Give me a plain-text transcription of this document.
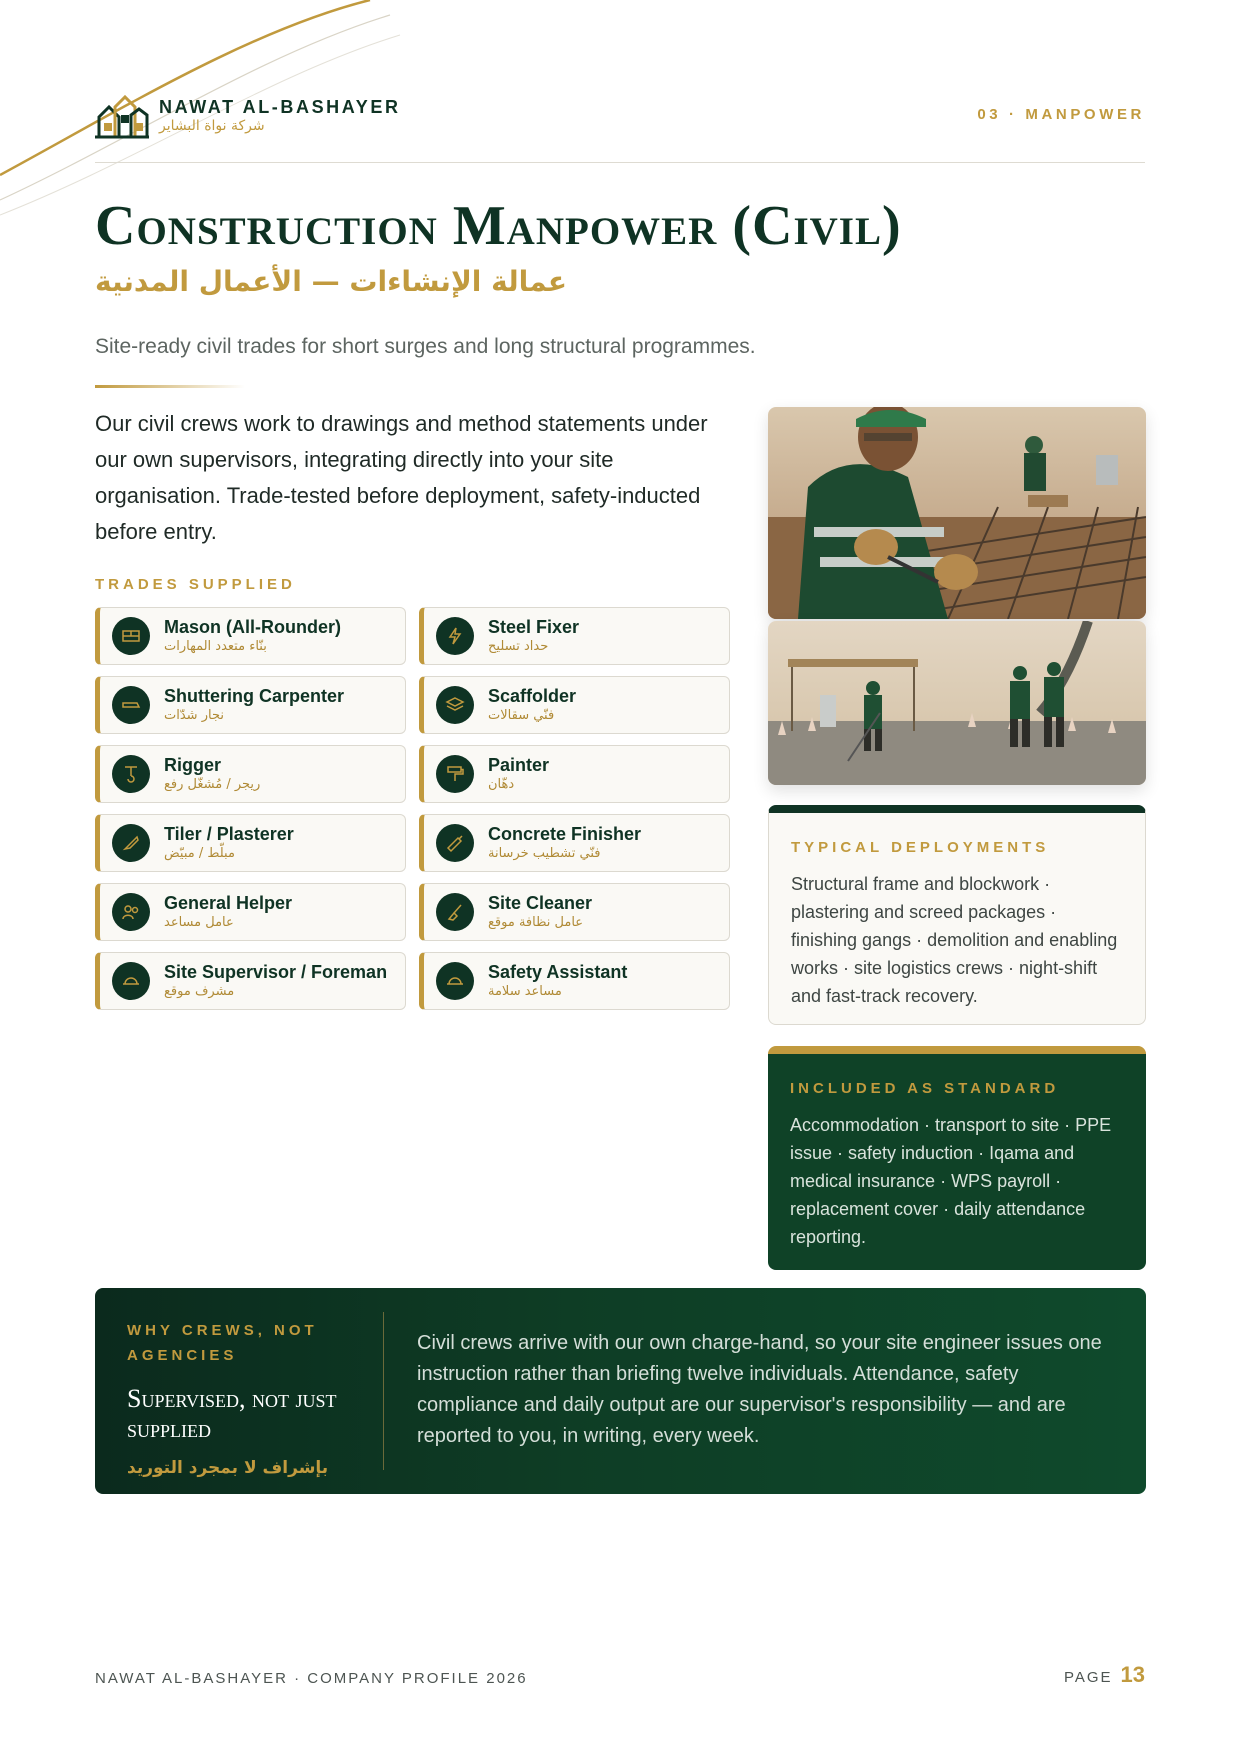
NAWAT AL-BASHAYER
شركة نواة البشاير
03 · MANPOWER
Construction Manpower (Civil)
عمالة الإنشاءات — الأعمال المدنية

Site-ready civil trades for short surges and long structural programmes.

Our civil crews work to drawings and method statements under our own supervisors, integrating directly into your site organisation. Trade-tested before deployment, safety-inducted before entry.

TRADES SUPPLIED
Mason (All-Rounder)
بنّاء متعدد المهارات
Steel Fixer
حداد تسليح
Shuttering Carpenter
نجار شدّات
Scaffolder
فنّي سقالات
Rigger
ريجر / مُشغّل رفع
Painter
دهّان
Tiler / Plasterer
مبلّط / مبيّض
Concrete Finisher
فنّي تشطيب خرسانة
General Helper
عامل مساعد
Site Cleaner
عامل نظافة موقع
Site Supervisor / Foreman
مشرف موقع
Safety Assistant
مساعد سلامة
TYPICAL DEPLOYMENTS

Structural frame and blockwork · plastering and screed packages · finishing gangs · demolition and enabling works · site logistics crews · night-shift and fast-track recovery.

INCLUDED AS STANDARD

Accommodation · transport to site · PPE issue · safety induction · Iqama and medical insurance · WPS payroll · replacement cover · daily attendance reporting.

WHY CREWS, NOT AGENCIES
Supervised, not just supplied
بإشراف لا بمجرد التوريد

Civil crews arrive with our own charge-hand, so your site engineer issues one instruction rather than briefing twelve individuals. Attendance, safety compliance and daily output are our supervisor's responsibility — and are reported to you, in writing, every week.

NAWAT AL-BASHAYER · COMPANY PROFILE 2026	PAGE 13
